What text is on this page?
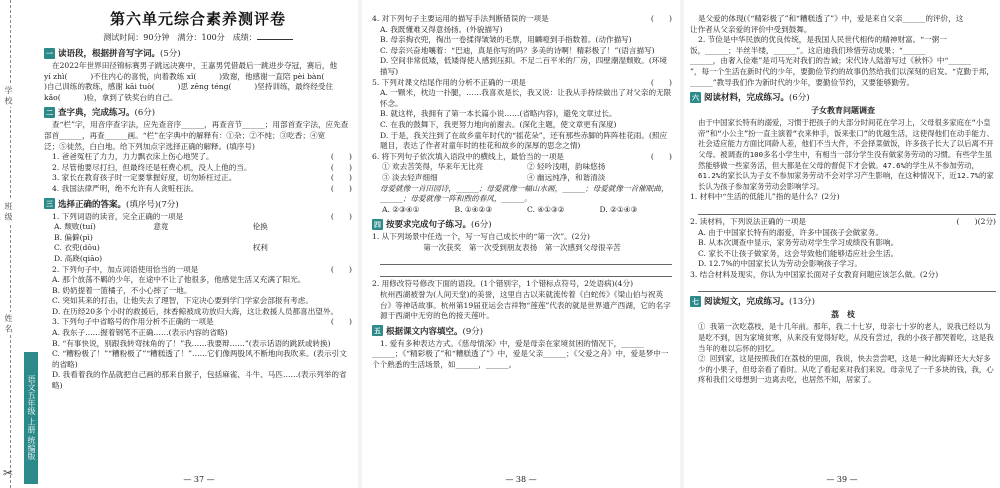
学 校
班 级
姓 名
✂
语文五年级 上册 统编版
第六单元综合素养测评卷
测试时间：90分钟　满分：100分　成绩：
一 读语段，根据拼音写字词。 (5分)

在2022年世界田径锦标赛男子跳远决赛中，王嘉男凭借最后一跳进步夺冠，赛后，他

yí zhì(　　　)不住内心的喜悦，向着教练 xǐ(　　　)致谢，他感谢一直陪 pèi bàn(

)自己训练的教练，感谢 kāi tuò(　　　)思 zēng téng(　　　)坚持训练，最终经受住

kǎo(　　　)验，拿到了铁奖台的自己。

二 查字典，完成练习。 (6分)

查“栏”字，用音序查字法，应先查音序______，再查音节______；用部首查字法，应先查

部首______，再查______画。“栏”在字典中的解释有：①杂；②不纯；③吃香；④宽

泛；⑤徒然，白白地。给下列加点字选择正确的解释。(填序号)

1. 爸爸冤枉了力力，力力飘衣床上伤心地哭了。	(　　)
2. 尽管他要尽打扫，但最终还是枉费心机，没人上他的当。	(　　)
3. 家长在教育孩子时一定要掌握好度，切勿矫枉过正。	(　　)
4. 我国法律严明，绝不允许有人贪赃枉法。	(　　)
三 选择正确的答案。 (填序号)(7分)
1. 下列词语的读音，完全正确的一项是	(　　)
A. 颓败(tuí)	意竟	伦换
B. 偏僻(pì)
C. 衣兜(dōu)	权利
D. 高跷(qiāo)
2. 下列句子中，加点词语使用恰当的一项是	(　　)

A. 那个放荡不羁的少年，在途中不让了他很多，他感觉生活又充满了阳光。

B. 奶奶提着一篮橘子，不小心摔了一地。

C. 突如其来的打击，让他失去了理智，下定决心要到学门学家会部报有考虑。

D. 在历经20多个小时的救援后，抹香鲸被成功放归大海，这让救援人员都喜出望外。

3. 下列句子中省略号的作用分析不正确的一项是	(　　)

A. 我东子……握着钢笔不正确……(表示内容的省略)

B. “有事快说，别跟我转弯抹角的了！”我……我要辩……”(表示话语的跳跃或转换)

C. “糟粉极了！”“糟粉极了”“糟糕透了！”……它们像两股风不断地向我吹来。(表示引文的省略)

D. 我看着我的作品就把自己画的那来自猴子，包括麻雀、斗牛、马匹……(表示列举的省略)

— 37 —
4. 对下列句子主要运用的描写手法判断错误的一项是	(　　)

A. 我既懂难又得意扬扬。(外貌描写)

B. 母亲掏衣兜，掏出一卷揉得皱皱的毛票，用麟噔到手指数着。(动作描写)

C. 母亲兴奋地嚷着：“巴迪，真是你写的吗？多美的诗啊！精彩极了！”(语言描写)

D. 空间非常低矮，低矮得使人感到压抑。不足二百平米的厂房，四壁潮湿颓败。(环境描写)

5. 下列对课文结尾作用的分析不正确的一项是	(　　)

A. 一颗米，枕边一扑腿，……我喜欢是长，我又说：让我从手持续做出了对父亲的无限怀念。

B. 就这样，我拥有了第一本长篇小说……(省略内容)，避免文章过长。

C. 在我的鼓舞下，我更努力地向前谢去。(深化主题，使文章更有深度)

D. 于是，我关注到了在故乡童年时代的“摇花朵”，还有那些赤脚的阵阵桂花雨。(照应题目，表达了作者对童年时的桂花和故乡的深厚的思念之情)

6. 将下列句子依次填入语段中的横线上，最恰当的一项是	(　　)
① 欢去苦笑得，华来年无比亮	② 轻吟浅唱，韵味悠扬
③ 淡去轻声细细	④ 幽远纯净，和谐清淡

母爱就像一首田园诗，______；母爱就像一幅山水画，______；母爱就像一首催眠曲，______；母爱就像一阵和煦的春风，______。

A. ②③④①	B. ①④②③	C. ④①③②	D. ②①④③
四 按要求完成句子练习。 (6分)

1. 从下列场景中任选一个，写一写自己成长中的“第一次”。(2分)

第一次获奖　第一次受到朋友表扬　第一次感到父母很辛苦

2. 用修改符号修改下面的语段。(1个错别字，1个错标点符号，2处语病)(4分)

杭州西湖被誉为(人间天堂)的美誉，这里自古以来就流传着《白蛇传》《梁山伯与祝英台》等神话故事。杭州第19届亚运会吉祥物“莲莲”代表的就是世界遗产西湖，它的名字源于西湖中无穷的色的接天莲叶。

五 根据课文内容填空。 (9分)

1. 爱有多种表达方式。《慈母情深》中，爱是母亲在家境贫困的情况下，______

______；《“精彩极了”和“糟糕透了”》中，爱是父亲______；《父爱之舟》中，爱是梦中一

个个熟悉的生活场景，如______，______。

— 38 —

是父爱的体现(《“精彩极了”和“糟糕透了”》中，爱是来自父亲______的评价，这

让作者从父亲爱的评价中受到鼓舞。

2. 节俭是中华民族的优良传统，是我国人民世代相传的精神财富。“一粥一

饭，______；半丝半缕，______”。这启迪我们珍惜劳动成果；“______

______，由奢入俭难”是司马光对我们的告诫；宋代诗人陆游写过《秋怀》中“______

”，每一个生活在新时代的少年，要勤俭节约的故事仍然给我们以深刻的启发。“克勤于邦，______”教导我们作为新时代的少年，要勤俭节约，又要能够勤劳。

六 阅读材料，完成练习。 (6分)
子女教育问题调查

由于中国家长特有的溺爱，习惯于把孩子的大部分时间花在学习上，父母很多家庭在“小皇帝”和“小公主”扮一直主演着“衣来伸手，饭来张口”的优越生活，这使得他们在动手能力、社会适应能力方面比同龄人差，他们不当大件，不会择菜做饭，许多孩子长大了以后离不开父母。被调查的100多名小学生中，有相当一部分学生没有做家务劳动的习惯。有些学生虽然能够做一些家务活，但大都是在父母的督促下才会做。47.6%的学生从不参加劳动，61.2%的家长认为子女不参加家务劳动不会对学习产生影响，在这种情况下，近12.7%的家长认为孩子参加家务劳动会影响学习。

1. 材料中“生活的低能儿”指的是什么？(2分)

2. 读材料，下列说法正确的一项是	(　　)(2分)

A. 由于中国家长特有的溺爱，许多中国孩子会做家务。

B. 从本次调查中显示，家务劳动对学生学习成绩没有影响。

C. 家长不让孩子做家务，这会导致他们能够适应社会生活。

D. 12.7%的中国家长认为劳动会影响孩子学习。

3. 结合材料及现实，你认为中国家长面对子女教育问题应该怎么做。(2分)

七 阅读短文，完成练习。 (13分)
荔　枝

① 我第一次吃荔枝，是十几年前。那年，我二十七岁，母亲七十岁的老人，说我已经以为是吃不到，因为家境贫寒，从来没有觉得好吃，从没有尝过，我的小孩子都哭着吃，这是我当年的难以忘怀的回忆。

② 回到家，这是按照我们在荔枝的里面，我说，快去尝尝吧，这是一种比海鲜还大大好多少的小果子，但母亲看了看时。从吃了看起来对我们来说。母亲见了一千多块的钱，我，心疼和我们父母想到一边离去吃，也居然不知，居家了。

— 39 —
